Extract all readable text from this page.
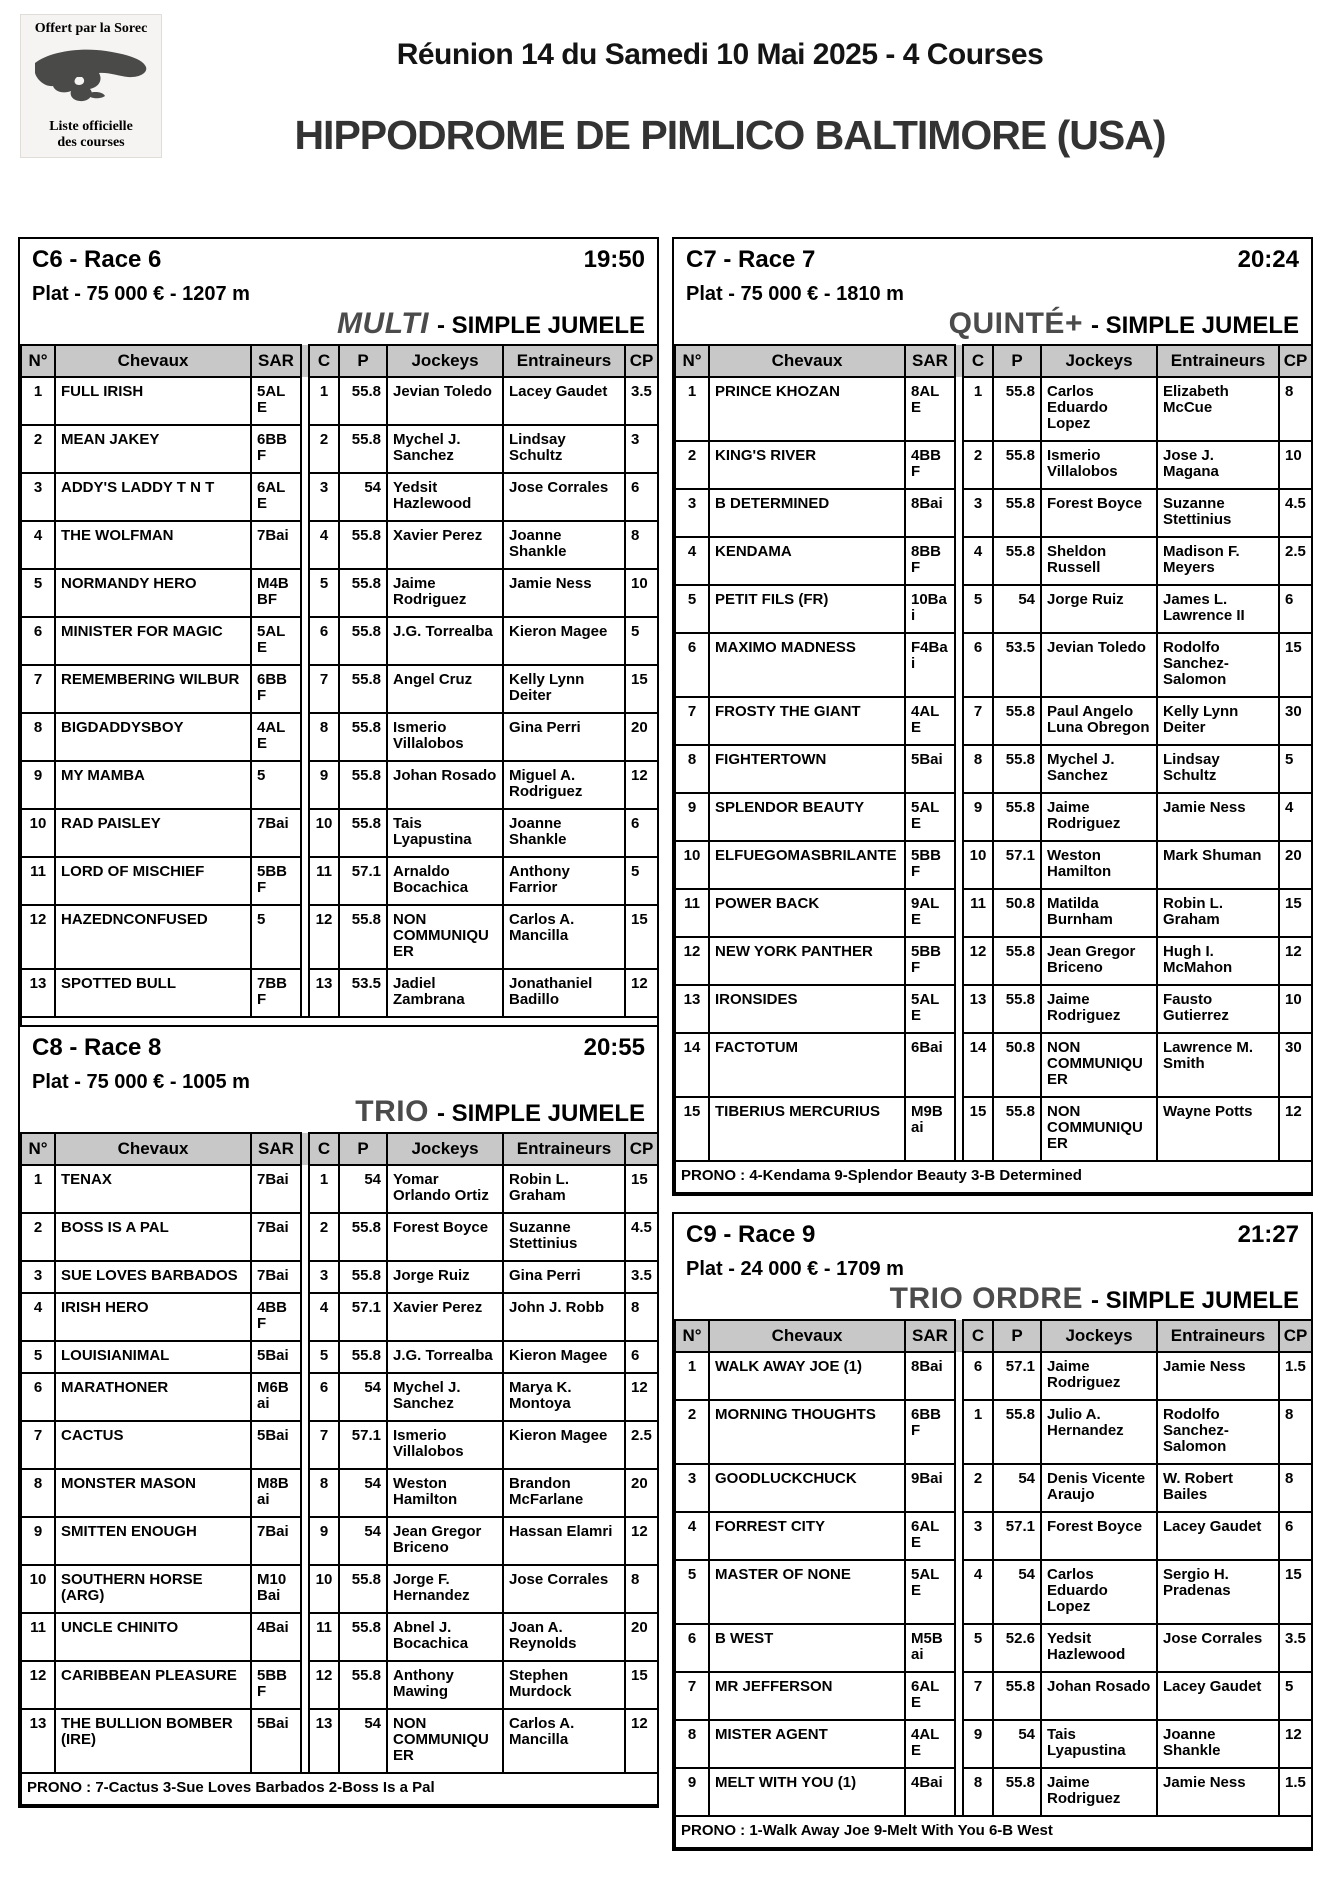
Offert par la Sorec
Liste officielle
des courses
Réunion 14 du Samedi 10 Mai 2025 - 4 Courses
HIPPODROME DE PIMLICO BALTIMORE (USA)
C6 - Race 6	19:50
Plat - 75 000 € - 1207 m
MULTI - SIMPLE JUMELE
N°	Chevaux	SAR		C	P	Jockeys	Entraineurs	CP
1	FULL IRISH	5ALE		1	55.8	Jevian Toledo	Lacey Gaudet	3.5
2	MEAN JAKEY	6BBF		2	55.8	Mychel J. Sanchez	Lindsay Schultz	3
3	ADDY'S LADDY T N T	6ALE		3	54	Yedsit Hazlewood	Jose Corrales	6
4	THE WOLFMAN	7Bai		4	55.8	Xavier Perez	Joanne Shankle	8
5	NORMANDY HERO	M4BBF		5	55.8	Jaime Rodriguez	Jamie Ness	10
6	MINISTER FOR MAGIC	5ALE		6	55.8	J.G. Torrealba	Kieron Magee	5
7	REMEMBERING WILBUR	6BBF		7	55.8	Angel Cruz	Kelly Lynn Deiter	15
8	BIGDADDYSBOY	4ALE		8	55.8	Ismerio Villalobos	Gina Perri	20
9	MY MAMBA	5		9	55.8	Johan Rosado	Miguel A. Rodriguez	12
10	RAD PAISLEY	7Bai		10	55.8	Tais Lyapustina	Joanne Shankle	6
11	LORD OF MISCHIEF	5BBF		11	57.1	Arnaldo Bocachica	Anthony Farrior	5
12	HAZEDNCONFUSED	5		12	55.8	NON COMMUNIQUER	Carlos A. Mancilla	15
13	SPOTTED BULL	7BBF		13	53.5	Jadiel Zambrana	Jonathaniel Badillo	12

C7 - Race 7	20:24
Plat - 75 000 € - 1810 m
QUINTÉ+ - SIMPLE JUMELE
N°	Chevaux	SAR		C	P	Jockeys	Entraineurs	CP
1	PRINCE KHOZAN	8ALE		1	55.8	Carlos Eduardo Lopez	Elizabeth McCue	8
2	KING'S RIVER	4BBF		2	55.8	Ismerio Villalobos	Jose J. Magana	10
3	B DETERMINED	8Bai		3	55.8	Forest Boyce	Suzanne Stettinius	4.5
4	KENDAMA	8BBF		4	55.8	Sheldon Russell	Madison F. Meyers	2.5
5	PETIT FILS (FR)	10Bai		5	54	Jorge Ruiz	James L. Lawrence II	6
6	MAXIMO MADNESS	F4Bai		6	53.5	Jevian Toledo	Rodolfo Sanchez-Salomon	15
7	FROSTY THE GIANT	4ALE		7	55.8	Paul Angelo Luna Obregon	Kelly Lynn Deiter	30
8	FIGHTERTOWN	5Bai		8	55.8	Mychel J. Sanchez	Lindsay Schultz	5
9	SPLENDOR BEAUTY	5ALE		9	55.8	Jaime Rodriguez	Jamie Ness	4
10	ELFUEGOMASBRILANTE	5BBF		10	57.1	Weston Hamilton	Mark Shuman	20
11	POWER BACK	9ALE		11	50.8	Matilda Burnham	Robin L. Graham	15
12	NEW YORK PANTHER	5BBF		12	55.8	Jean Gregor Briceno	Hugh I. McMahon	12
13	IRONSIDES	5ALE		13	55.8	Jaime Rodriguez	Fausto Gutierrez	10
14	FACTOTUM	6Bai		14	50.8	NON COMMUNIQUER	Lawrence M. Smith	30
15	TIBERIUS MERCURIUS	M9Bai		15	55.8	NON COMMUNIQUER	Wayne Potts	12
PRONO : 4-Kendama 9-Splendor Beauty 3-B Determined								
C8 - Race 8	20:55
Plat - 75 000 € - 1005 m
TRIO - SIMPLE JUMELE
N°	Chevaux	SAR		C	P	Jockeys	Entraineurs	CP
1	TENAX	7Bai		1	54	Yomar Orlando Ortiz	Robin L. Graham	15
2	BOSS IS A PAL	7Bai		2	55.8	Forest Boyce	Suzanne Stettinius	4.5
3	SUE LOVES BARBADOS	7Bai		3	55.8	Jorge Ruiz	Gina Perri	3.5
4	IRISH HERO	4BBF		4	57.1	Xavier Perez	John J. Robb	8
5	LOUISIANIMAL	5Bai		5	55.8	J.G. Torrealba	Kieron Magee	6
6	MARATHONER	M6Bai		6	54	Mychel J. Sanchez	Marya K. Montoya	12
7	CACTUS	5Bai		7	57.1	Ismerio Villalobos	Kieron Magee	2.5
8	MONSTER MASON	M8Bai		8	54	Weston Hamilton	Brandon McFarlane	20
9	SMITTEN ENOUGH	7Bai		9	54	Jean Gregor Briceno	Hassan Elamri	12
10	SOUTHERN HORSE (ARG)	M10Bai		10	55.8	Jorge F. Hernandez	Jose Corrales	8
11	UNCLE CHINITO	4Bai		11	55.8	Abnel J. Bocachica	Joan A. Reynolds	20
12	CARIBBEAN PLEASURE	5BBF		12	55.8	Anthony Mawing	Stephen Murdock	15
13	THE BULLION BOMBER (IRE)	5Bai		13	54	NON COMMUNIQUER	Carlos A. Mancilla	12
PRONO : 7-Cactus 3-Sue Loves Barbados 2-Boss Is a Pal								
C9 - Race 9	21:27
Plat - 24 000 € - 1709 m
TRIO ORDRE - SIMPLE JUMELE
N°	Chevaux	SAR		C	P	Jockeys	Entraineurs	CP
1	WALK AWAY JOE (1)	8Bai		6	57.1	Jaime Rodriguez	Jamie Ness	1.5
2	MORNING THOUGHTS	6BBF		1	55.8	Julio A. Hernandez	Rodolfo Sanchez-Salomon	8
3	GOODLUCKCHUCK	9Bai		2	54	Denis Vicente Araujo	W. Robert Bailes	8
4	FORREST CITY	6ALE		3	57.1	Forest Boyce	Lacey Gaudet	6
5	MASTER OF NONE	5ALE		4	54	Carlos Eduardo Lopez	Sergio H. Pradenas	15
6	B WEST	M5Bai		5	52.6	Yedsit Hazlewood	Jose Corrales	3.5
7	MR JEFFERSON	6ALE		7	55.8	Johan Rosado	Lacey Gaudet	5
8	MISTER AGENT	4ALE		9	54	Tais Lyapustina	Joanne Shankle	12
9	MELT WITH YOU (1)	4Bai		8	55.8	Jaime Rodriguez	Jamie Ness	1.5
PRONO : 1-Walk Away Joe 9-Melt With You 6-B West								
